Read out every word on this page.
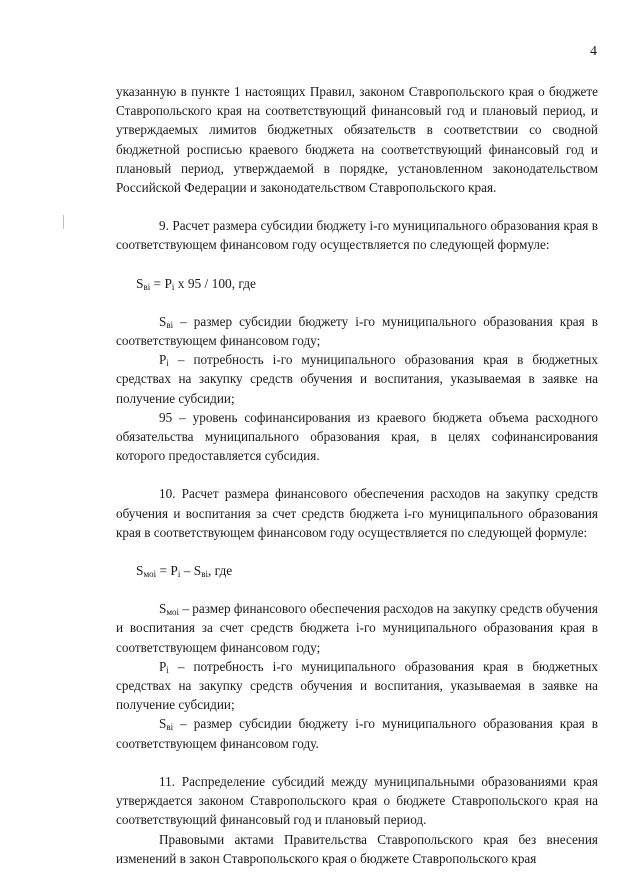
4

указанную в пункте 1 настоящих Правил, законом Ставропольского края о бюджете Ставропольского края на соответствующий финансовый год и плановый период, и утверждаемых лимитов бюджетных обязательств в соответствии со сводной бюджетной росписью краевого бюджета на соответствующий финансовый год и плановый период, утверждаемой в порядке, установленном законодательством Российской Федерации и законодательством Ставропольского края.

9. Расчет размера субсидии бюджету i-го муниципального образования края в соответствующем финансовом году осуществляется по следующей формуле:

$S_{вi} = P_i$ x 95 / 100, где

$S_{вi}$ – размер субсидии бюджету i-го муниципального образования края в соответствующем финансовом году;

$P_i$ – потребность i-го муниципального образования края в бюджетных средствах на закупку средств обучения и воспитания, указываемая в заявке на получение субсидии;

95 – уровень софинансирования из краевого бюджета объема расходного обязательства муниципального образования края, в целях софинансирования которого предоставляется субсидия.

10. Расчет размера финансового обеспечения расходов на закупку средств обучения и воспитания за счет средств бюджета i-го муниципального образования края в соответствующем финансовом году осуществляется по следующей формуле:

$S_{моi} = P_i - S_{вi}$, где

$S_{моi}$ – размер финансового обеспечения расходов на закупку средств обучения и воспитания за счет средств бюджета i-го муниципального образования края в соответствующем финансовом году;

$P_i$ – потребность i-го муниципального образования края в бюджетных средствах на закупку средств обучения и воспитания, указываемая в заявке на получение субсидии;

$S_{вi}$ – размер субсидии бюджету i-го муниципального образования края в соответствующем финансовом году.

11. Распределение субсидий между муниципальными образованиями края утверждается законом Ставропольского края о бюджете Ставропольского края на соответствующий финансовый год и плановый период.

Правовыми актами Правительства Ставропольского края без внесения изменений в закон Ставропольского края о бюджете Ставропольского края
